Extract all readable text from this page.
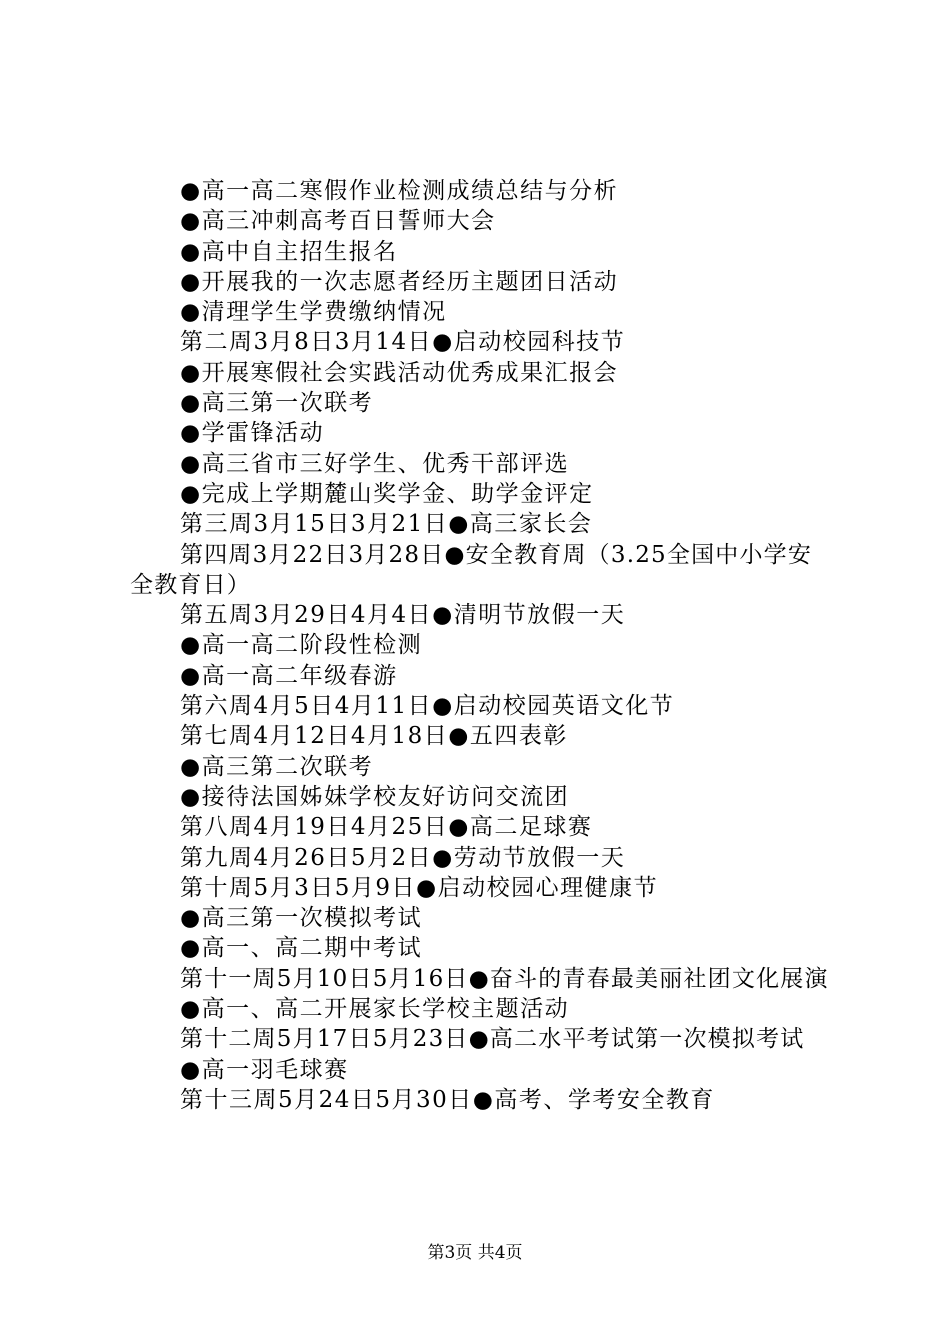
●高一高二寒假作业检测成绩总结与分析

●高三冲刺高考百日誓师大会

●高中自主招生报名

●开展我的一次志愿者经历主题团日活动

●清理学生学费缴纳情况

第二周3月8日3月14日●启动校园科技节

●开展寒假社会实践活动优秀成果汇报会

●高三第一次联考

●学雷锋活动

●高三省市三好学生、优秀干部评选

●完成上学期麓山奖学金、助学金评定

第三周3月15日3月21日●高三家长会

第四周3月22日3月28日●安全教育周（3.25全国中小学安全教育日）

第五周3月29日4月4日●清明节放假一天

●高一高二阶段性检测

●高一高二年级春游

第六周4月5日4月11日●启动校园英语文化节

第七周4月12日4月18日●五四表彰

●高三第二次联考

●接待法国姊妹学校友好访问交流团

第八周4月19日4月25日●高二足球赛

第九周4月26日5月2日●劳动节放假一天

第十周5月3日5月9日●启动校园心理健康节

●高三第一次模拟考试

●高一、高二期中考试

第十一周5月10日5月16日●奋斗的青春最美丽社团文化展演

●高一、高二开展家长学校主题活动

第十二周5月17日5月23日●高二水平考试第一次模拟考试

●高一羽毛球赛

第十三周5月24日5月30日●高考、学考安全教育

第3页 共4页
